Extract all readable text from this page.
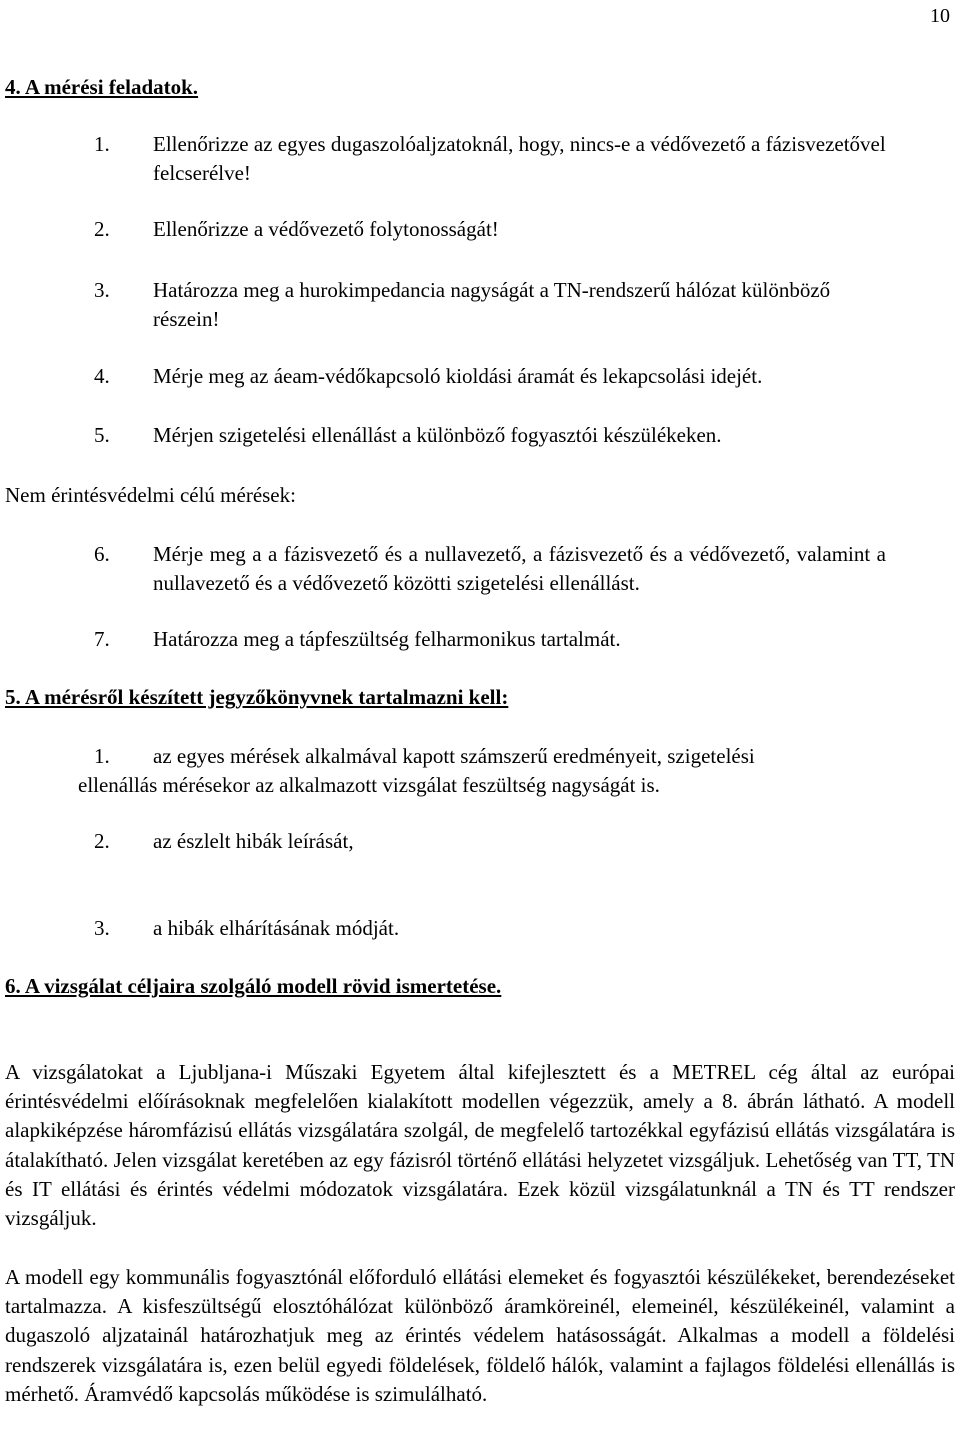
10
4. A mérési feladatok.
1. Ellenőrizze az egyes dugaszolóaljzatoknál, hogy, nincs-e a védővezető a fázisvezetővel felcserélve!
2. Ellenőrizze a védővezető folytonosságát!
3. Határozza meg a hurokimpedancia nagyságát a TN-rendszerű hálózat különböző részein!
4. Mérje meg az áeam-védőkapcsoló kioldási áramát és lekapcsolási idejét.
5. Mérjen szigetelési ellenállást a különböző fogyasztói készülékeken.
Nem érintésvédelmi célú mérések:
6. Mérje meg a a fázisvezető és a nullavezető, a fázisvezető és a védővezető, valamint a nullavezető és a védővezető közötti szigetelési ellenállást.
7. Határozza meg a tápfeszültség felharmonikus tartalmát.
5. A mérésről készített jegyzőkönyvnek tartalmazni kell:
1. az egyes mérések alkalmával kapott számszerű eredményeit, szigetelési
ellenállás mérésekor az alkalmazott vizsgálat feszültség nagyságát is.
2. az észlelt hibák leírását,
3. a hibák elhárításának módját.
6. A vizsgálat céljaira szolgáló modell rövid ismertetése.
A vizsgálatokat a Ljubljana-i Műszaki Egyetem által kifejlesztett és a METREL cég által az európai érintésvédelmi előírásoknak megfelelően kialakított modellen végezzük, amely a 8. ábrán látható. A modell alapkiképzése háromfázisú ellátás vizsgálatára szolgál, de megfelelő tartozékkal egyfázisú ellátás vizsgálatára is átalakítható. Jelen vizsgálat keretében az egy fázisról történő ellátási helyzetet vizsgáljuk. Lehetőség van TT, TN és IT ellátási és érintés védelmi módozatok vizsgálatára. Ezek közül vizsgálatunknál a TN és TT rendszer vizsgáljuk.
A modell egy kommunális fogyasztónál előforduló ellátási elemeket és fogyasztói készülékeket, berendezéseket tartalmazza. A kisfeszültségű elosztóhálózat különböző áramköreinél, elemeinél, készülékeinél, valamint a dugaszoló aljzatainál határozhatjuk meg az érintés védelem hatásosságát. Alkalmas a modell a földelési rendszerek vizsgálatára is, ezen belül egyedi földelések, földelő hálók, valamint a fajlagos földelési ellenállás is mérhető. Áramvédő kapcsolás működése is szimulálható.
